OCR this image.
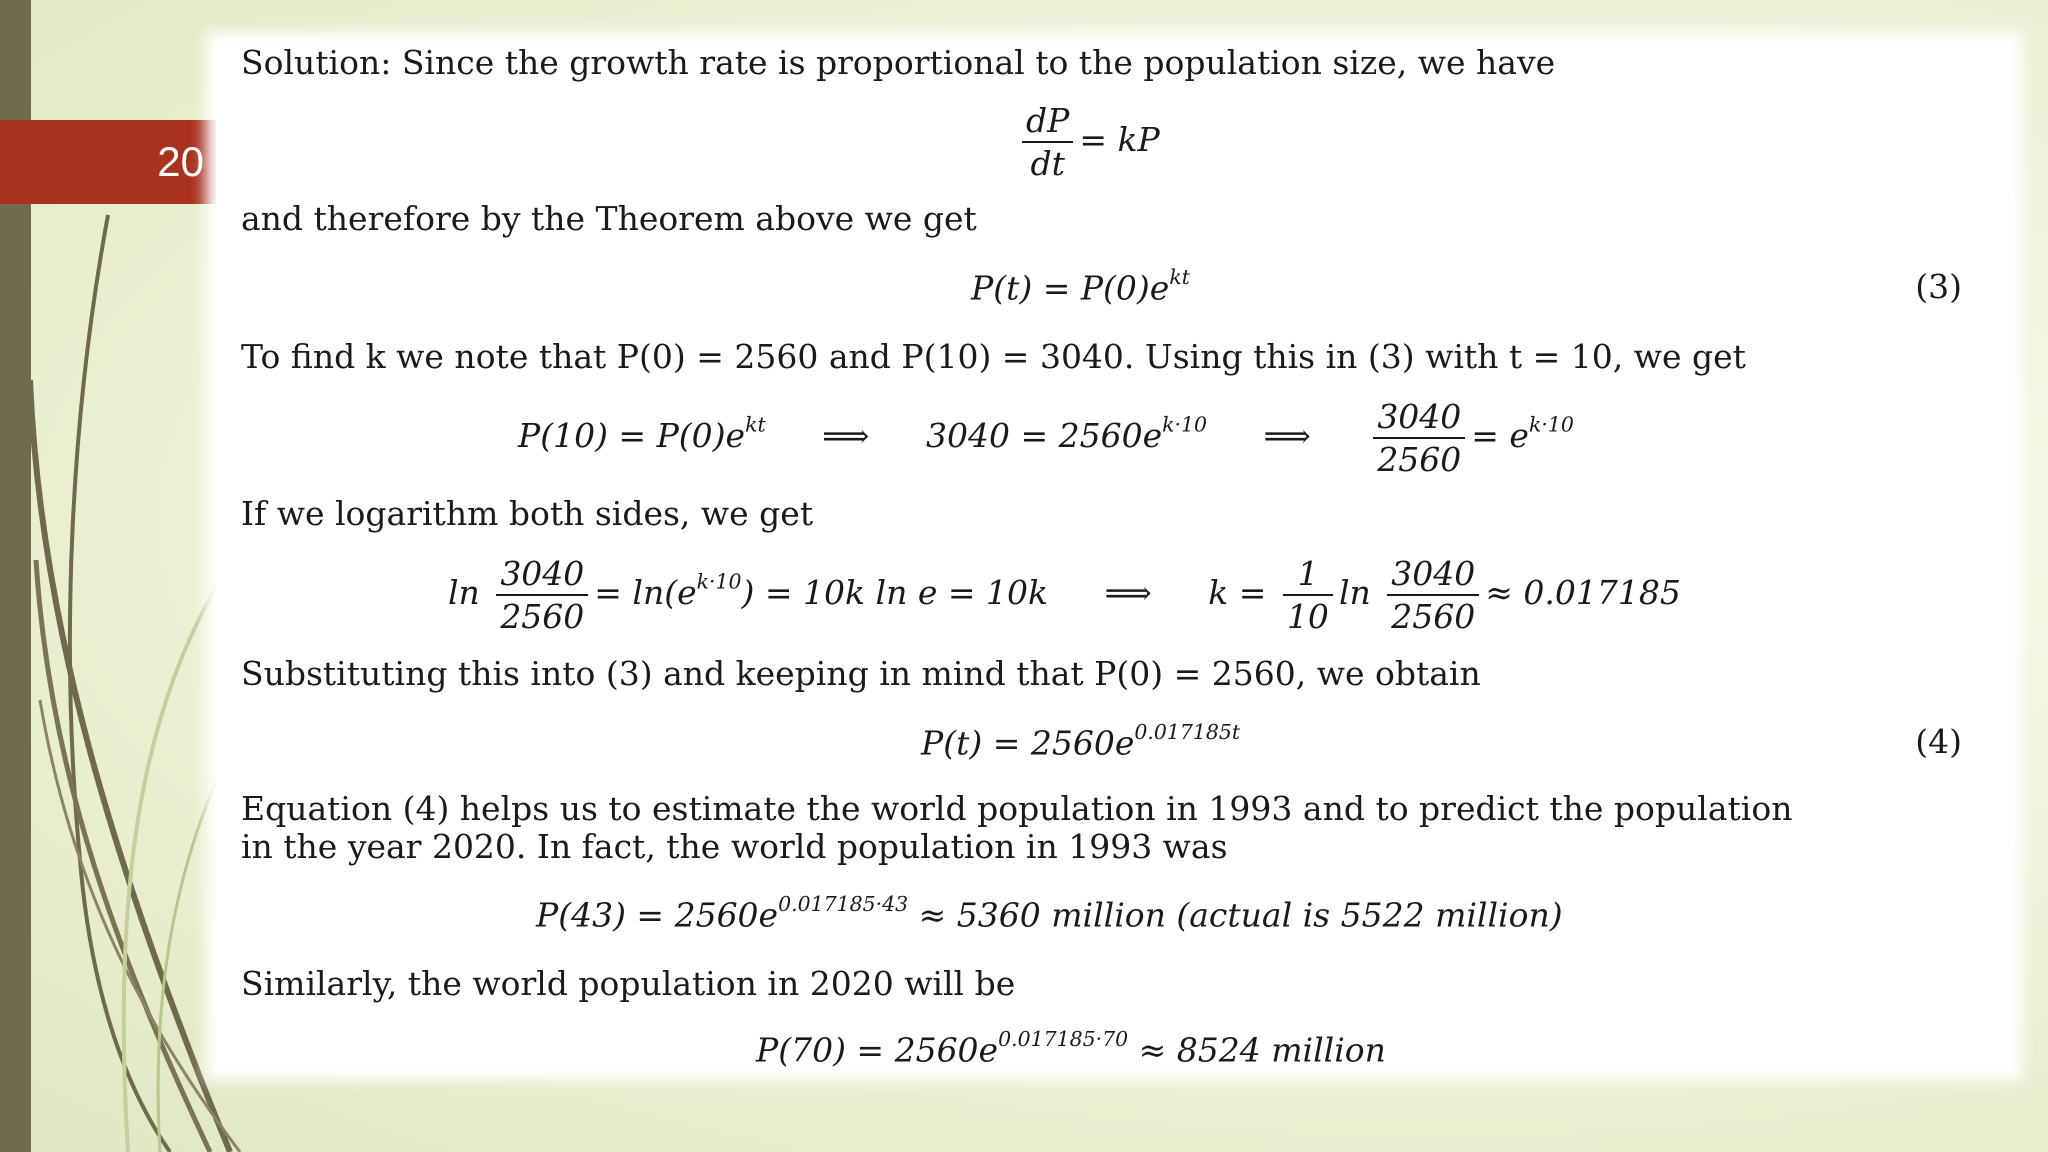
20
Solution: Since the growth rate is proportional to the population size, we have
$\frac{dP}{dt}$ = kP
and therefore by the Theorem above we get
$P(t) = P(0)e^{kt}$	(3)
To find k we note that P(0) = 2560 and P(10) = 3040. Using this in (3) with t = 10, we get
$P(10) = P(0)e^{kt}$ ⟹ $3040 = 2560e^{k\cdot 10}$ ⟹ $\frac{3040}{2560} = e^{k\cdot 10}$
If we logarithm both sides, we get
$\ln \frac{3040}{2560} = \ln(e^{k\cdot 10}) = 10k$ ln e = 10k ⟹ $k = \frac{1}{10}$ $\ln \frac{3040}{2560} \approx 0.017185$
Substituting this into (3) and keeping in mind that P(0) = 2560, we obtain
$P(t) = 2560e^{0.017185t}$	(4)
Equation (4) helps us to estimate the world population in 1993 and to predict the population
in the year 2020. In fact, the world population in 1993 was
$P(43) = 2560e^{0.017185\cdot 43} \approx 5360$ million (actual is 5522 million)
Similarly, the world population in 2020 will be
$P(70) = 2560e^{0.017185\cdot 70} \approx 8524$ million
